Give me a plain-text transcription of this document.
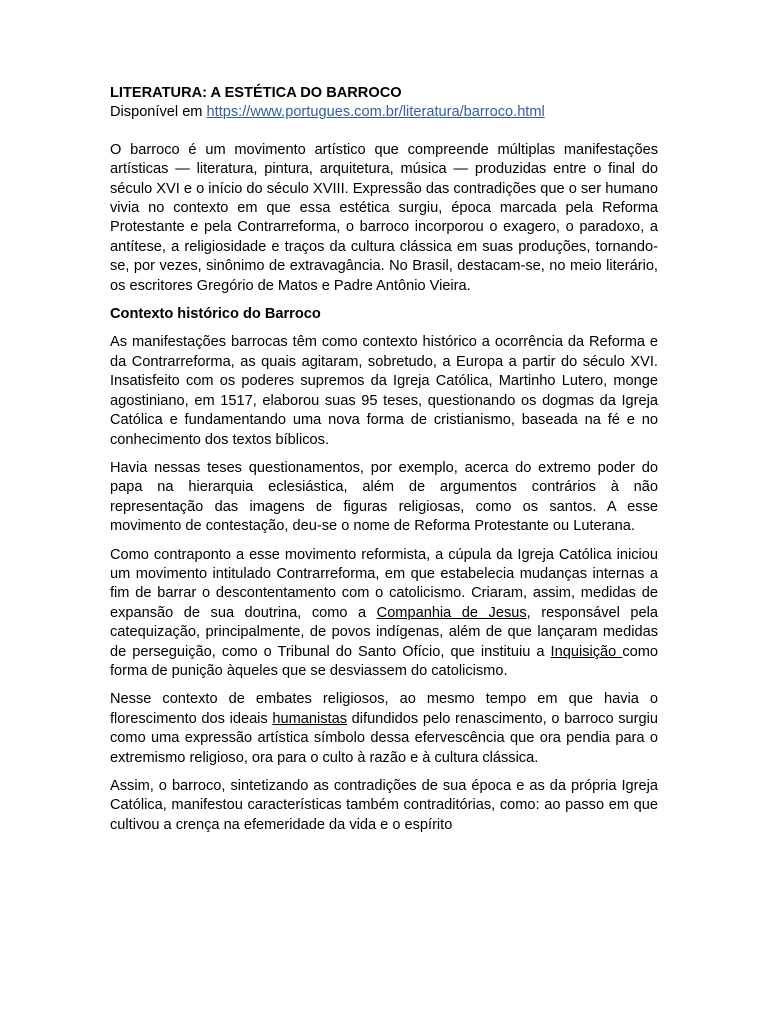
LITERATURA: A ESTÉTICA DO BARROCO
Disponível em https://www.portugues.com.br/literatura/barroco.html

O barroco é um movimento artístico que compreende múltiplas manifestações artísticas — literatura, pintura, arquitetura, música — produzidas entre o final do século XVI e o início do século XVIII. Expressão das contradições que o ser humano vivia no contexto em que essa estética surgiu, época marcada pela Reforma Protestante e pela Contrarreforma, o barroco incorporou o exagero, o paradoxo, a antítese, a religiosidade e traços da cultura clássica em suas produções, tornando-se, por vezes, sinônimo de extravagância. No Brasil, destacam-se, no meio literário, os escritores Gregório de Matos e Padre Antônio Vieira.

Contexto histórico do Barroco

As manifestações barrocas têm como contexto histórico a ocorrência da Reforma e da Contrarreforma, as quais agitaram, sobretudo, a Europa a partir do século XVI. Insatisfeito com os poderes supremos da Igreja Católica, Martinho Lutero, monge agostiniano, em 1517, elaborou suas 95 teses, questionando os dogmas da Igreja Católica e fundamentando uma nova forma de cristianismo, baseada na fé e no conhecimento dos textos bíblicos.

Havia nessas teses questionamentos, por exemplo, acerca do extremo poder do papa na hierarquia eclesiástica, além de argumentos contrários à não representação das imagens de figuras religiosas, como os santos. A esse movimento de contestação, deu-se o nome de Reforma Protestante ou Luterana.

Como contraponto a esse movimento reformista, a cúpula da Igreja Católica iniciou um movimento intitulado Contrarreforma, em que estabelecia mudanças internas a fim de barrar o descontentamento com o catolicismo. Criaram, assim, medidas de expansão de sua doutrina, como a Companhia de Jesus, responsável pela catequização, principalmente, de povos indígenas, além de que lançaram medidas de perseguição, como o Tribunal do Santo Ofício, que instituiu a Inquisição como forma de punição àqueles que se desviassem do catolicismo.

Nesse contexto de embates religiosos, ao mesmo tempo em que havia o florescimento dos ideais humanistas difundidos pelo renascimento, o barroco surgiu como uma expressão artística símbolo dessa efervescência que ora pendia para o extremismo religioso, ora para o culto à razão e à cultura clássica.

Assim, o barroco, sintetizando as contradições de sua época e as da própria Igreja Católica, manifestou características também contraditórias, como: ao passo em que cultivou a crença na efemeridade da vida e o espírito
